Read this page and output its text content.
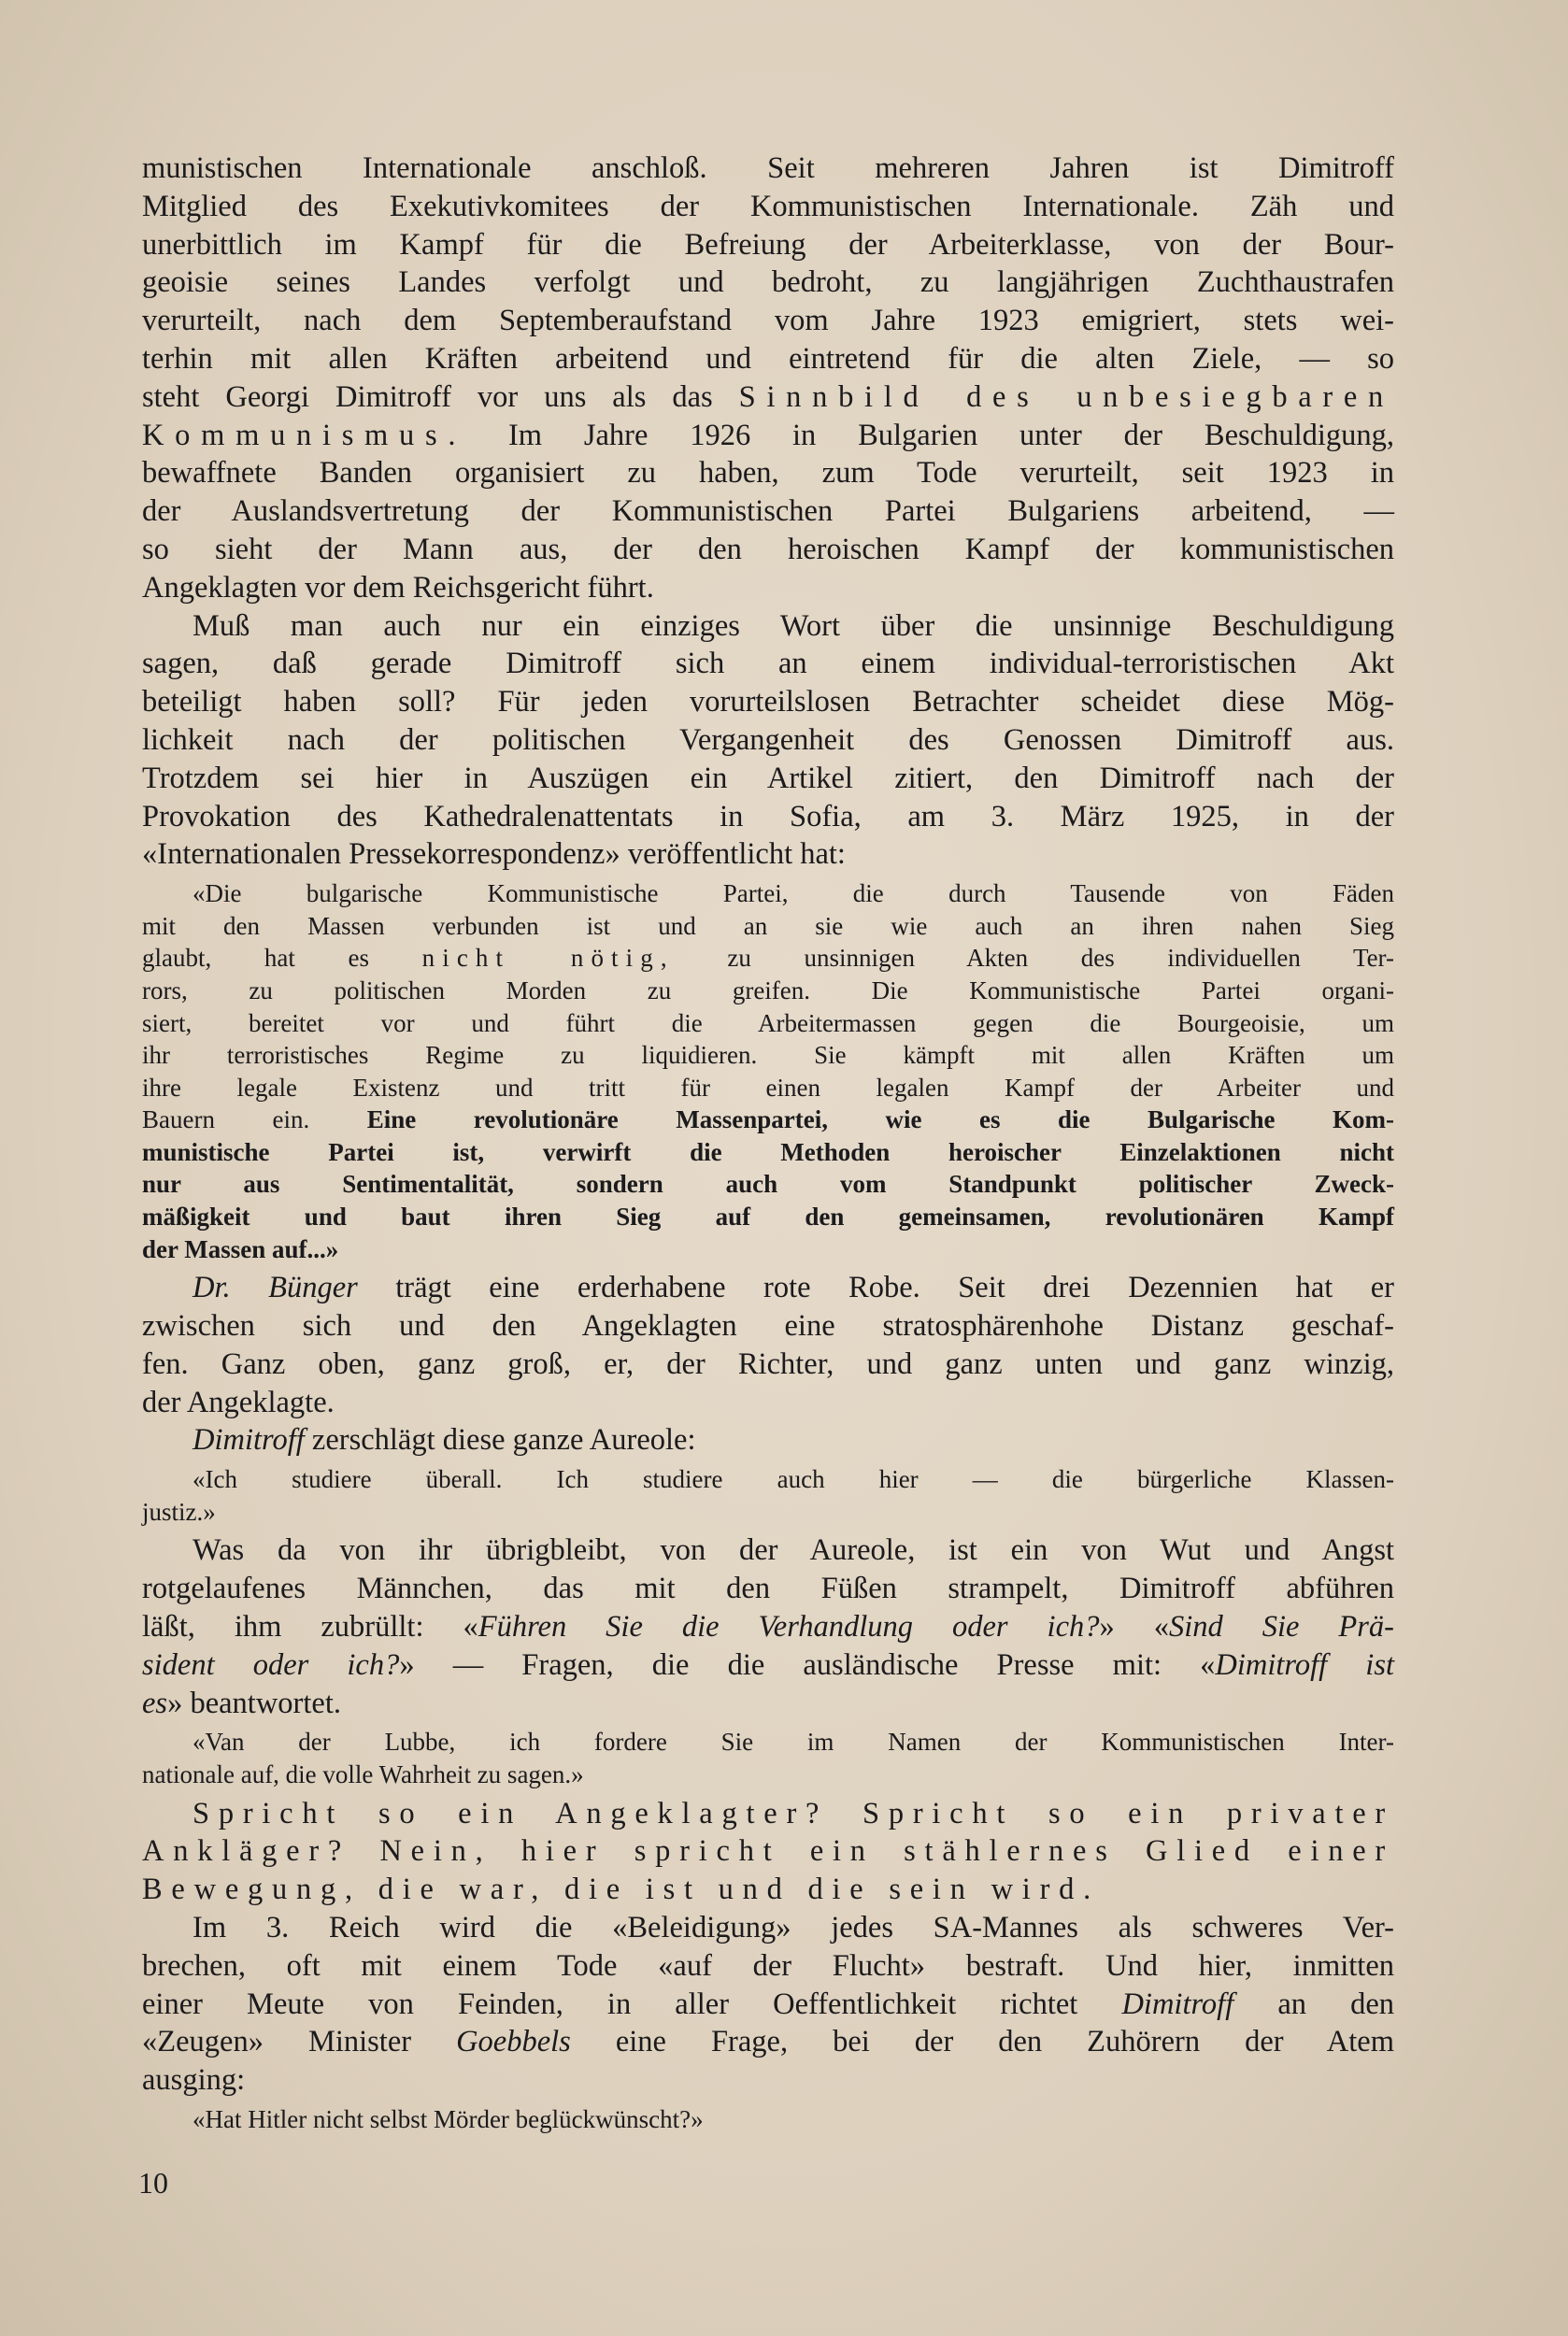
munistischen Internationale anschloß. Seit mehreren Jahren ist Dimitroff

Mitglied des Exekutivkomitees der Kommunistischen Internationale. Zäh und

unerbittlich im Kampf für die Befreiung der Arbeiterklasse, von der Bour-

geoisie seines Landes verfolgt und bedroht, zu langjährigen Zuchthaustrafen

verurteilt, nach dem Septemberaufstand vom Jahre 1923 emigriert, stets wei-

terhin mit allen Kräften arbeitend und eintretend für die alten Ziele, — so

steht Georgi Dimitroff vor uns als das Sinnbild des unbesiegbaren

Kommunismus. Im Jahre 1926 in Bulgarien unter der Beschuldigung,

bewaffnete Banden organisiert zu haben, zum Tode verurteilt, seit 1923 in

der Auslandsvertretung der Kommunistischen Partei Bulgariens arbeitend, —

so sieht der Mann aus, der den heroischen Kampf der kommunistischen

Angeklagten vor dem Reichsgericht führt.

Muß man auch nur ein einziges Wort über die unsinnige Beschuldigung

sagen, daß gerade Dimitroff sich an einem individual-terroristischen Akt

beteiligt haben soll? Für jeden vorurteilslosen Betrachter scheidet diese Mög-

lichkeit nach der politischen Vergangenheit des Genossen Dimitroff aus.

Trotzdem sei hier in Auszügen ein Artikel zitiert, den Dimitroff nach der

Provokation des Kathedralenattentats in Sofia, am 3. März 1925, in der

«Internationalen Pressekorrespondenz» veröffentlicht hat:

«Die bulgarische Kommunistische Partei, die durch Tausende von Fäden

mit den Massen verbunden ist und an sie wie auch an ihren nahen Sieg

glaubt, hat es nicht nötig, zu unsinnigen Akten des individuellen Ter-

rors, zu politischen Morden zu greifen. Die Kommunistische Partei organi-

siert, bereitet vor und führt die Arbeitermassen gegen die Bourgeoisie, um

ihr terroristisches Regime zu liquidieren. Sie kämpft mit allen Kräften um

ihre legale Existenz und tritt für einen legalen Kampf der Arbeiter und

Bauern ein. Eine revolutionäre Massenpartei, wie es die Bulgarische Kom-

munistische Partei ist, verwirft die Methoden heroischer Einzelaktionen nicht

nur aus Sentimentalität, sondern auch vom Standpunkt politischer Zweck-

mäßigkeit und baut ihren Sieg auf den gemeinsamen, revolutionären Kampf

der Massen auf...»

Dr. Bünger trägt eine erderhabene rote Robe. Seit drei Dezennien hat er

zwischen sich und den Angeklagten eine stratosphärenhohe Distanz geschaf-

fen. Ganz oben, ganz groß, er, der Richter, und ganz unten und ganz winzig,

der Angeklagte.

Dimitroff zerschlägt diese ganze Aureole:

«Ich studiere überall. Ich studiere auch hier — die bürgerliche Klassen-

justiz.»

Was da von ihr übrigbleibt, von der Aureole, ist ein von Wut und Angst

rotgelaufenes Männchen, das mit den Füßen strampelt, Dimitroff abführen

läßt, ihm zubrüllt: «Führen Sie die Verhandlung oder ich?» «Sind Sie Prä-

sident oder ich?» — Fragen, die die ausländische Presse mit: «Dimitroff ist

es» beantwortet.

«Van der Lubbe, ich fordere Sie im Namen der Kommunistischen Inter-

nationale auf, die volle Wahrheit zu sagen.»

Spricht so ein Angeklagter? Spricht so ein privater

Ankläger? Nein, hier spricht ein stählernes Glied einer

Bewegung, die war, die ist und die sein wird.

Im 3. Reich wird die «Beleidigung» jedes SA-Mannes als schweres Ver-

brechen, oft mit einem Tode «auf der Flucht» bestraft. Und hier, inmitten

einer Meute von Feinden, in aller Oeffentlichkeit richtet Dimitroff an den

«Zeugen» Minister Goebbels eine Frage, bei der den Zuhörern der Atem

ausging:

«Hat Hitler nicht selbst Mörder beglückwünscht?»

10
